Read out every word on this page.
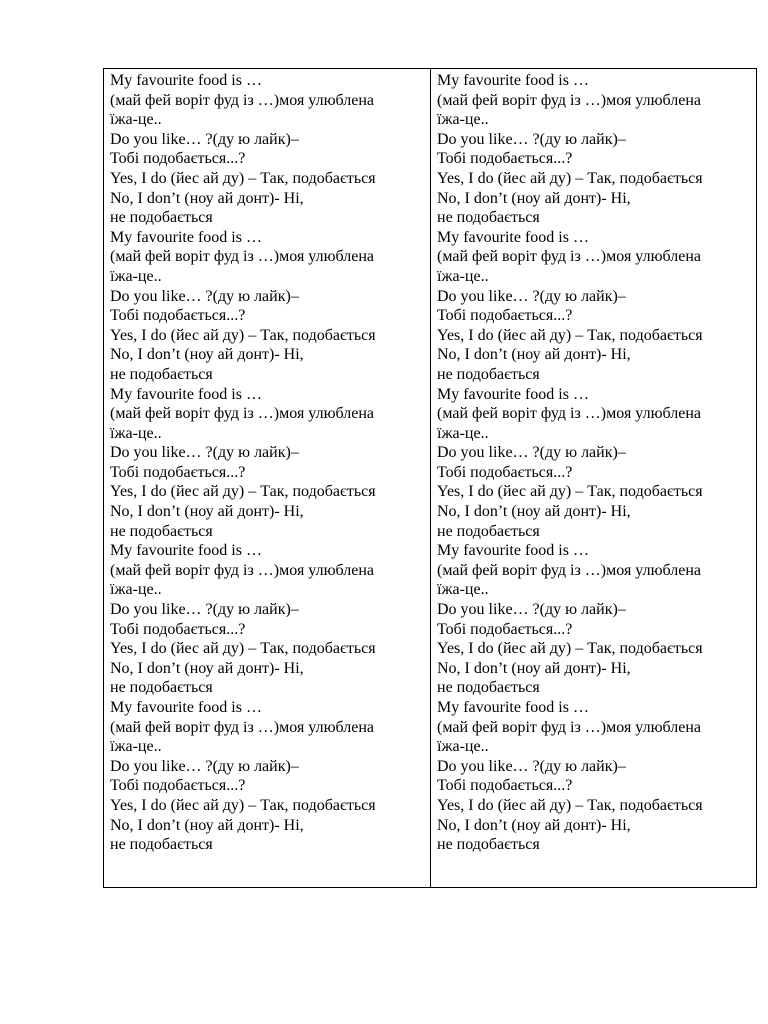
My favourite food is …
(май фей воріт фуд із …)моя улюблена
їжа-це..
Do you like… ?(ду ю лайк)–
Тобі подобається...?
Yes, I do (йес ай ду) – Так, подобається
No, I don’t (ноу ай донт)- Ні,
не подобається
My favourite food is …
(май фей воріт фуд із …)моя улюблена
їжа-це..
Do you like… ?(ду ю лайк)–
Тобі подобається...?
Yes, I do (йес ай ду) – Так, подобається
No, I don’t (ноу ай донт)- Ні,
не подобається
My favourite food is …
(май фей воріт фуд із …)моя улюблена
їжа-це..
Do you like… ?(ду ю лайк)–
Тобі подобається...?
Yes, I do (йес ай ду) – Так, подобається
No, I don’t (ноу ай донт)- Ні,
не подобається
My favourite food is …
(май фей воріт фуд із …)моя улюблена
їжа-це..
Do you like… ?(ду ю лайк)–
Тобі подобається...?
Yes, I do (йес ай ду) – Так, подобається
No, I don’t (ноу ай донт)- Ні,
не подобається
My favourite food is …
(май фей воріт фуд із …)моя улюблена
їжа-це..
Do you like… ?(ду ю лайк)–
Тобі подобається...?
Yes, I do (йес ай ду) – Так, подобається
No, I don’t (ноу ай донт)- Ні,
не подобається
My favourite food is …
(май фей воріт фуд із …)моя улюблена
їжа-це..
Do you like… ?(ду ю лайк)–
Тобі подобається...?
Yes, I do (йес ай ду) – Так, подобається
No, I don’t (ноу ай донт)- Ні,
не подобається
My favourite food is …
(май фей воріт фуд із …)моя улюблена
їжа-це..
Do you like… ?(ду ю лайк)–
Тобі подобається...?
Yes, I do (йес ай ду) – Так, подобається
No, I don’t (ноу ай донт)- Ні,
не подобається
My favourite food is …
(май фей воріт фуд із …)моя улюблена
їжа-це..
Do you like… ?(ду ю лайк)–
Тобі подобається...?
Yes, I do (йес ай ду) – Так, подобається
No, I don’t (ноу ай донт)- Ні,
не подобається
My favourite food is …
(май фей воріт фуд із …)моя улюблена
їжа-це..
Do you like… ?(ду ю лайк)–
Тобі подобається...?
Yes, I do (йес ай ду) – Так, подобається
No, I don’t (ноу ай донт)- Ні,
не подобається
My favourite food is …
(май фей воріт фуд із …)моя улюблена
їжа-це..
Do you like… ?(ду ю лайк)–
Тобі подобається...?
Yes, I do (йес ай ду) – Так, подобається
No, I don’t (ноу ай донт)- Ні,
не подобається
